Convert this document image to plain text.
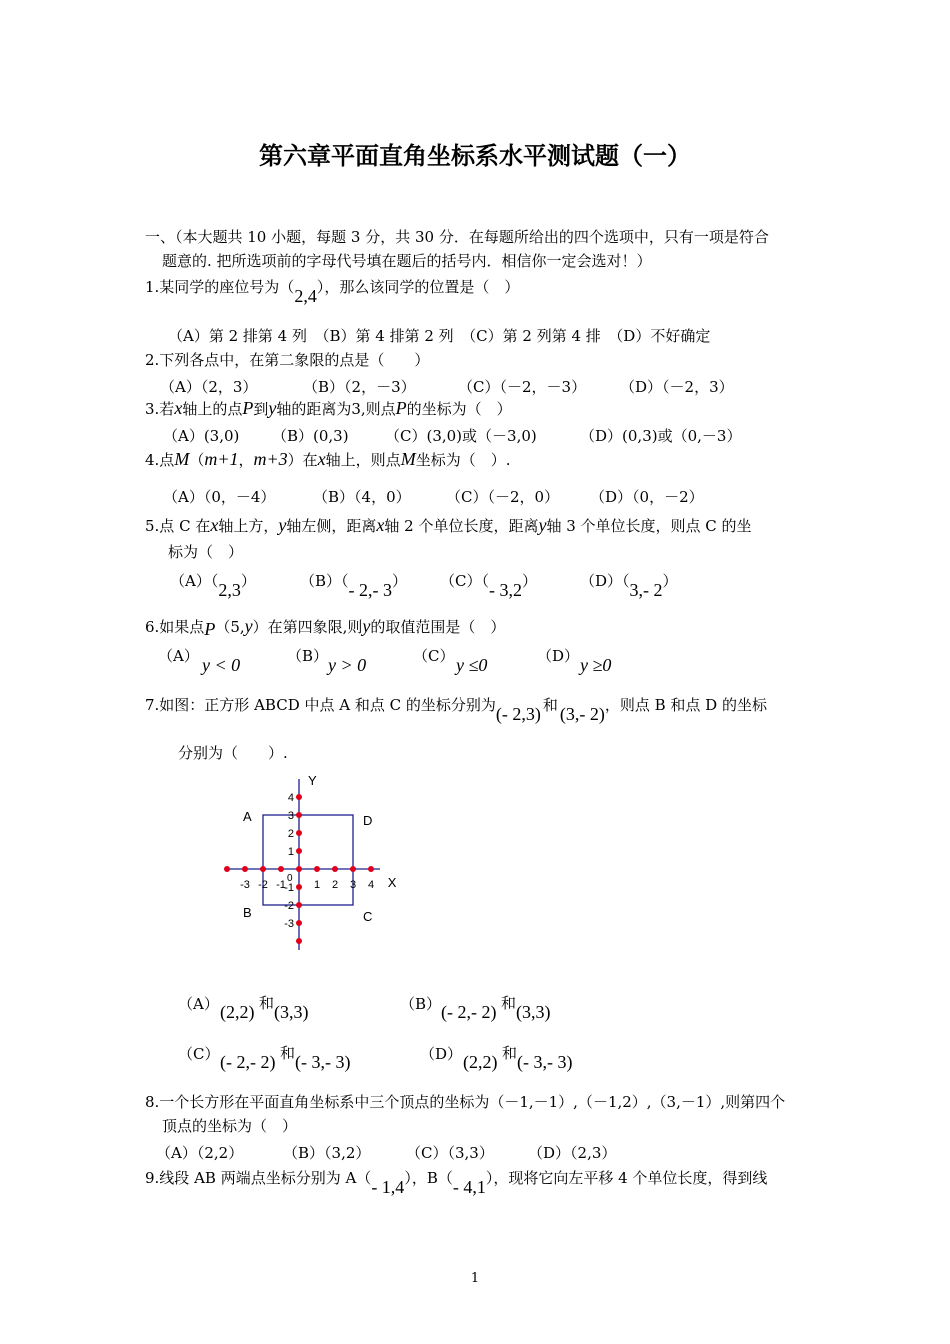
第六章平面直角坐标系水平测试题（一）
一、（本大题共 10 小题，每题 3 分，共 30 分．在每题所给出的四个选项中，只有一项是符合
题意的. 把所选项前的字母代号填在题后的括号内．相信你一定会选对！）
1.某同学的座位号为（2,4），那么该同学的位置是（　）
（A）第 2 排第 4 列　（B）第 4 排第 2 列　（C）第 2 列第 4 排　（D）不好确定
2.下列各点中，在第二象限的点是（　　）
（A）（2，3）	（B）（2，－3）	（C）（－2，－3） （D）（－2，3）
3.若x轴上的点P到y轴的距离为3,则点P的坐标为（　）
（A）(3,0) （B）(0,3) （C）(3,0)或（－3,0)	（D）(0,3)或（0,－3）
4.点M（m+1，m+3）在x轴上，则点M坐标为（　）.
（A）（0，－4）	（B）（4，0） （C）（－2，0） （D）（0，－2）
5.点 C 在x轴上方，y轴左侧，距离x轴 2 个单位长度，距离y轴 3 个单位长度，则点 C 的坐
标为（　）
（A）（2,3）	（B）（- 2,- 3） （C）（- 3,2）	（D）（3,- 2）
6.如果点P（5,y）在第四象限,则y的取值范围是（　）
（A） y < 0	（B） y > 0	（C） y ≤0	（D） y ≥0
7.如图：正方形 ABCD 中点 A 和点 C 的坐标分别为(- 2,3) 和 (3,- 2)，则点 B 和点 D 的坐标
分别为（　　）.
-3 -2 -1	1 2 3 4
4
3
2
1
-1
-2
-3
0	X
Y
A
B	C
D
（A） (2,2) $^和$(3,3)	（B） (- 2,- 2) $^和$(3,3)
（C） (- 2,- 2) $^和$(- 3,- 3)	（D） (2,2) $^和$(- 3,- 3)
8.一个长方形在平面直角坐标系中三个顶点的坐标为（－1,－1）,（－1,2）,（3,－1）,则第四个
顶点的坐标为（　）
（A）（2,2）	（B）（3,2） （C）（3,3） （D）（2,3）
9.线段 AB 两端点坐标分别为 A（- 1,4），B（- 4,1），现将它向左平移 4 个单位长度，得到线
1
